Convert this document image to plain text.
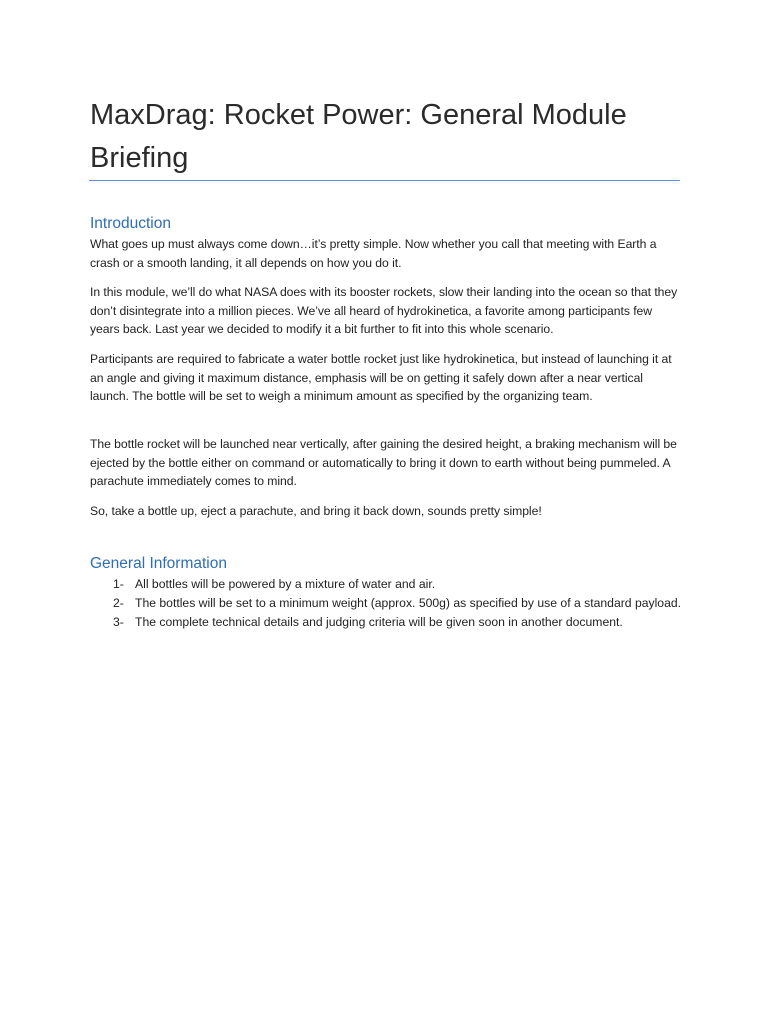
MaxDrag: Rocket Power: General Module Briefing
Introduction

What goes up must always come down…it’s pretty simple. Now whether you call that meeting with Earth a crash or a smooth landing, it all depends on how you do it.

In this module, we’ll do what NASA does with its booster rockets, slow their landing into the ocean so that they don’t disintegrate into a million pieces. We’ve all heard of hydrokinetica, a favorite among participants few years back. Last year we decided to modify it a bit further to fit into this whole scenario.

Participants are required to fabricate a water bottle rocket just like hydrokinetica, but instead of launching it at an angle and giving it maximum distance, emphasis will be on getting it safely down after a near vertical launch. The bottle will be set to weigh a minimum amount as specified by the organizing team.

The bottle rocket will be launched near vertically, after gaining the desired height, a braking mechanism will be ejected by the bottle either on command or automatically to bring it down to earth without being pummeled. A parachute immediately comes to mind.

So, take a bottle up, eject a parachute, and bring it back down, sounds pretty simple!

General Information
1- All bottles will be powered by a mixture of water and air.
2- The bottles will be set to a minimum weight (approx. 500g) as specified by use of a standard payload.
3- The complete technical details and judging criteria will be given soon in another document.
